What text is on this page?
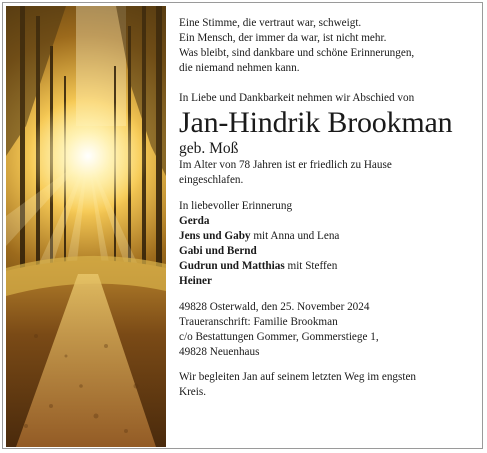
Eine Stimme, die vertraut war, schweigt.

Ein Mensch, der immer da war, ist nicht mehr.

Was bleibt, sind dankbare und schöne Erinnerungen,

die niemand nehmen kann.

In Liebe und Dankbarkeit nehmen wir Abschied von

Jan-Hindrik Brookman

geb. Moß

Im Alter von 78 Jahren ist er friedlich zu Hause

eingeschlafen.

In liebevoller Erinnerung

Gerda

Jens und Gaby mit Anna und Lena

Gabi und Bernd

Gudrun und Matthias mit Steffen

Heiner

49828 Osterwald, den 25. November 2024

Traueranschrift: Familie Brookman

c/o Bestattungen Gommer, Gommerstiege 1,

49828 Neuenhaus

Wir begleiten Jan auf seinem letzten Weg im engsten

Kreis.
